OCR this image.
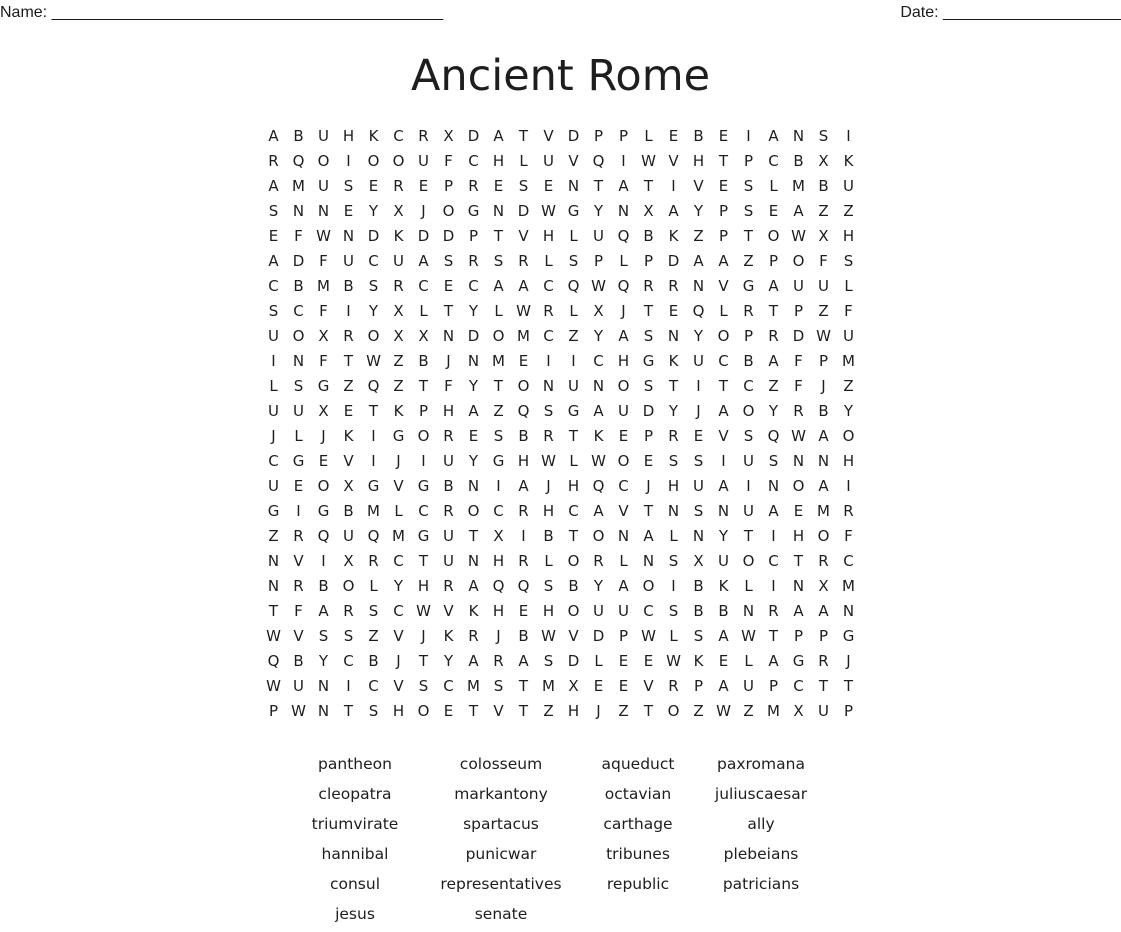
Name: ____________________________________________	Date: ____________________
Ancient Rome
A B U H K C R X D A	T	V D P	P	L	E	B	E	I	A N S	I
R Q O	I	O O U	F	C H	L	U V Q	I	W V H T	P	C B X K
A M U S	E	R	E	P	R	E	S	E N T	A	T	I	V	E	S	L M B U
S N N E	Y	X	J	O G N D W G Y N X A	Y	P	S	E	A Z Z
E	F W N D K D D P	T	V H	L	U Q B K Z	P	T O W X H
A D F	U C U A	S	R	S	R	L	S	P	L	P D A A Z	P O F	S
C B M B	S	R C	E	C A A C Q W Q R R N V G A U U	L
S C	F	I	Y	X	L	T	Y	L W R	L	X	J	T	E Q L	R	T	P	Z	F
U O X R O X X N D O M C Z	Y	A	S N Y O P	R D W U
I	N	F	T W Z B	J	N M E	I	I	C H G K U C B A	F	P M
L	S G Z Q Z	T	F	Y	T O N U N O S	T	I	T	C Z	F	J	Z
U U X	E	T	K	P H A Z Q S G A U D Y	J	A O Y	R B	Y
J	L	J	K	I	G O R	E	S	B R	T	K	E	P	R	E	V	S Q W A O
C G E	V	I	J	I	U Y G H W L W O E	S	S	I	U S N N H
U E O X G V G B N	I	A	J	H Q C	J	H U A	I	N O A	I
G	I	G B M L	C R O C R H C A V	T N S N U A	E M R
Z R Q U Q M G U T	X	I	B	T O N A	L	N Y	T	I	H O F
N V	I	X R C	T U N H R	L O R	L	N S	X U O C	T	R C
N R B O L	Y H R A Q Q S	B	Y	A O	I	B K	L	I	N X M
T	F	A R	S C W V K H E H O U U C	S	B B N R A A N
W V	S	S	Z V	J	K R	J	B W V D P W L	S	A W T	P	P G
Q B	Y	C B	J	T	Y	A R A	S D	L	E	E W K	E	L	A G R	J
W U N	I	C V	S C M S	T M X	E	E	V R	P	A U P	C	T	T
P W N T	S H O E	T	V	T	Z H	J	Z	T O Z W Z M X U P
pantheon	colosseum	aqueduct	paxromana
cleopatra	markantony	octavian	juliuscaesar
triumvirate	spartacus	carthage	ally
hannibal	punicwar	tribunes	plebeians
consul	representatives	republic	patricians
jesus	senate
